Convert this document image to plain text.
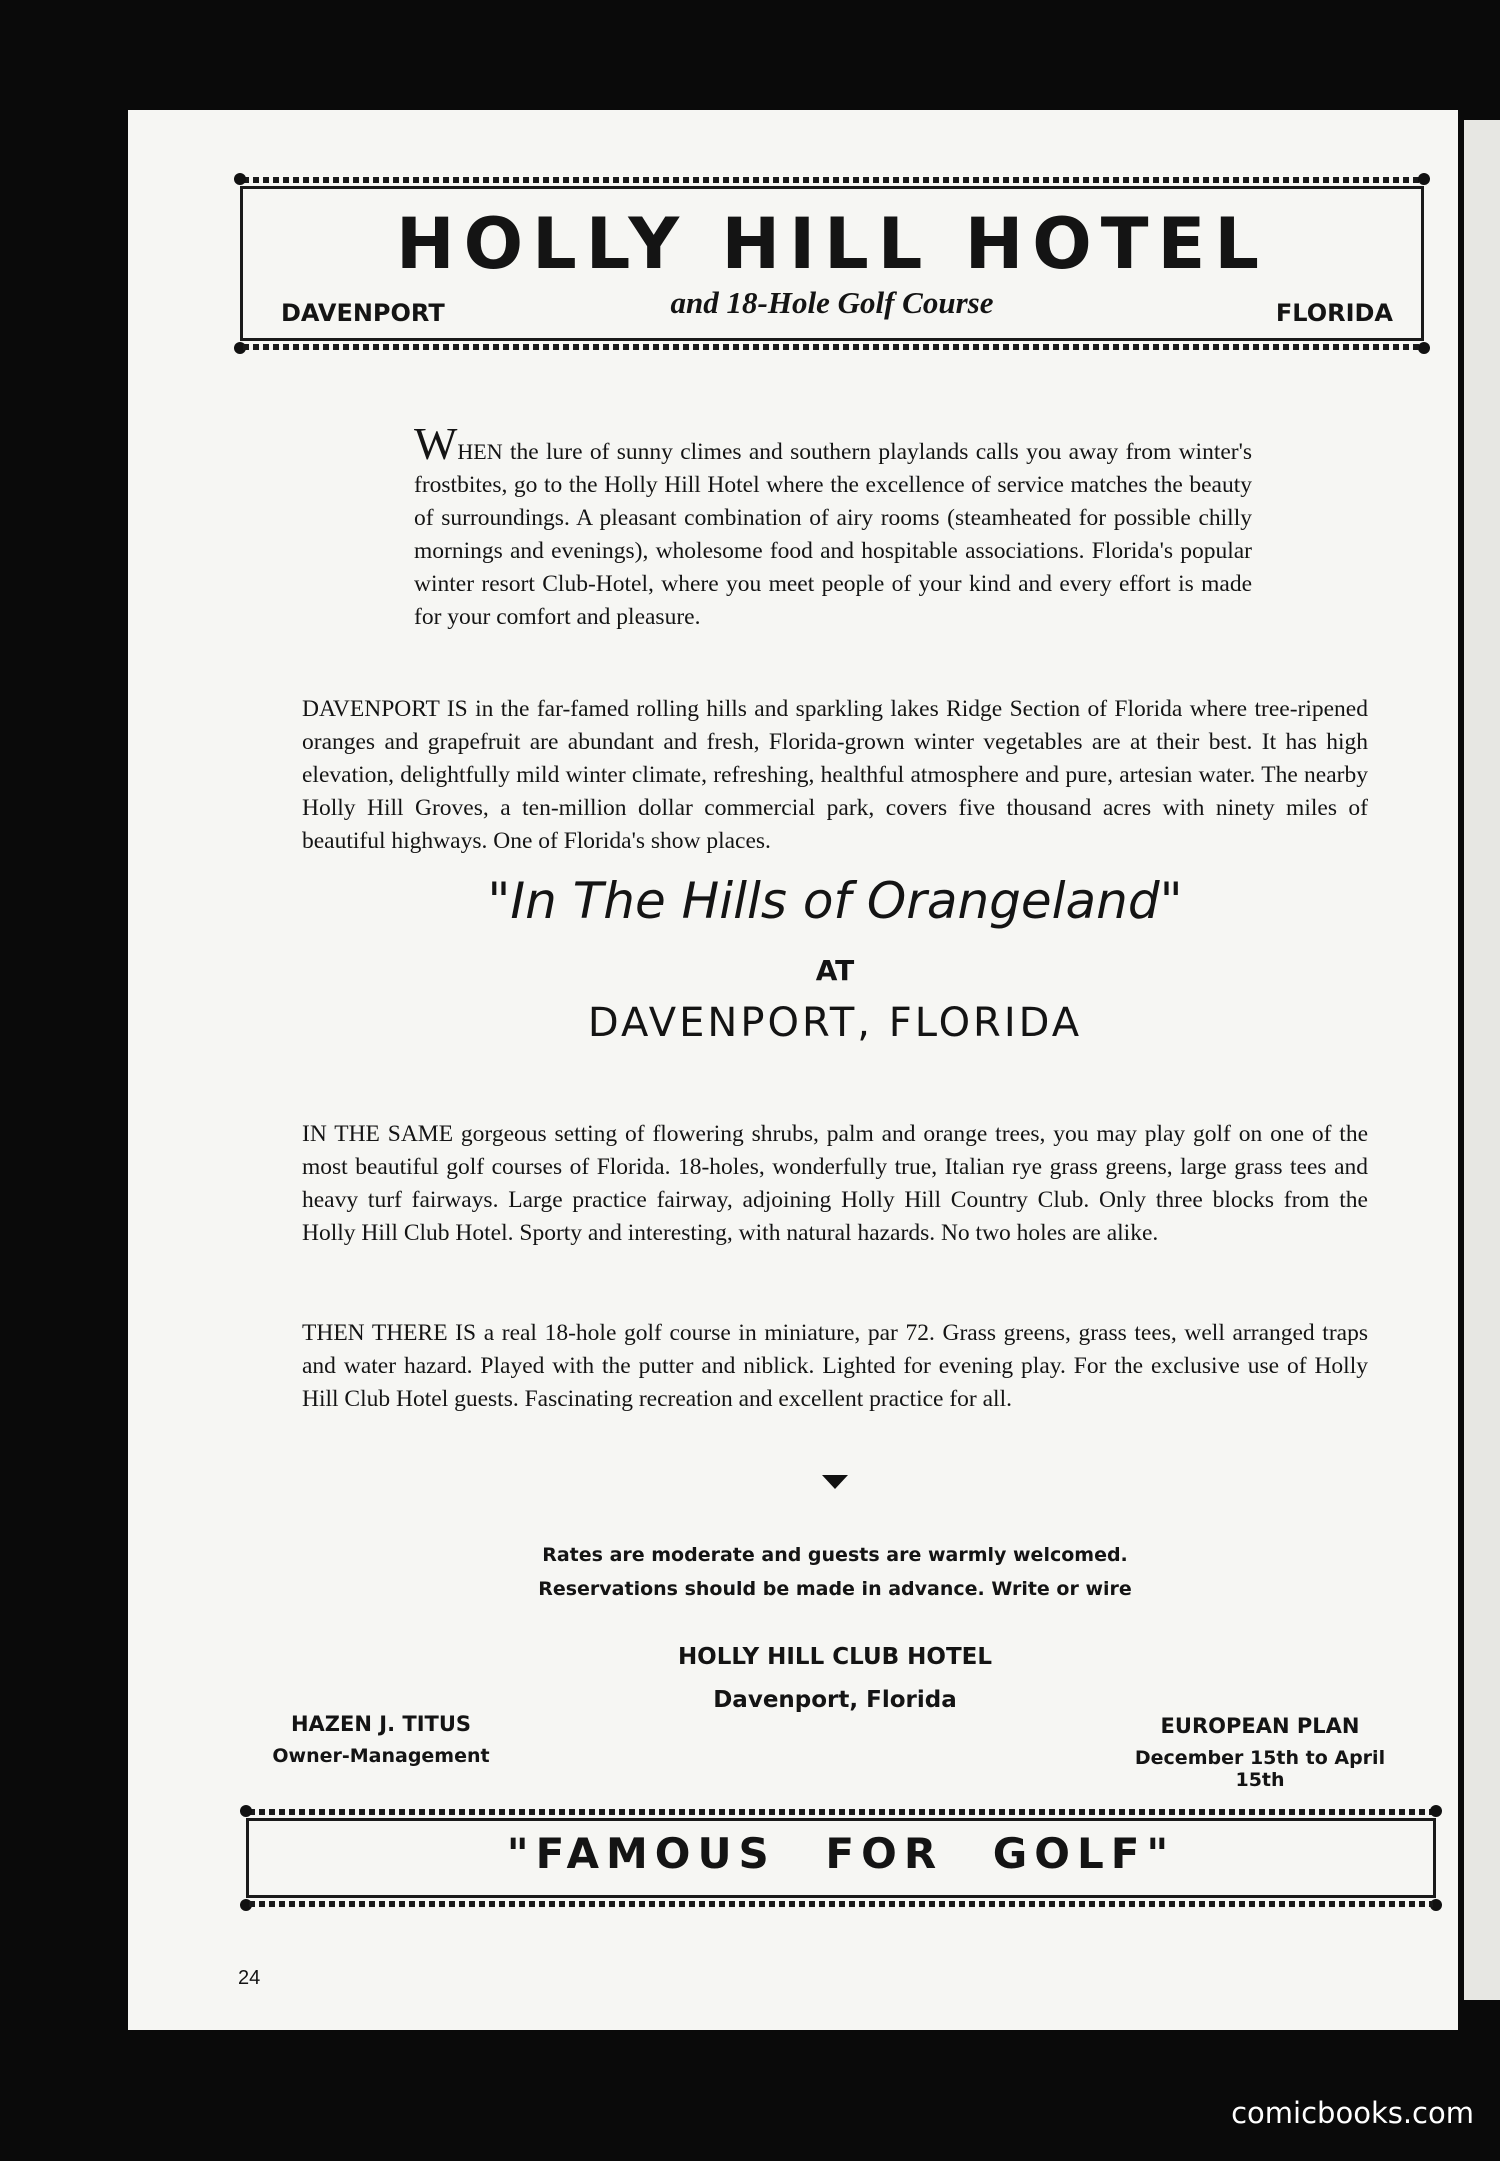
HOLLY HILL HOTEL
DAVENPORT	and 18-Hole Golf Course	FLORIDA
WHEN the lure of sunny climes and southern playlands calls you away from winter's frostbites, go to the Holly Hill Hotel where the excellence of service matches the beauty of surroundings. A pleasant combination of airy rooms (steamheated for possible chilly mornings and evenings), wholesome food and hospitable associations. Florida's popular winter resort Club-Hotel, where you meet people of your kind and every effort is made for your comfort and pleasure.
DAVENPORT IS in the far-famed rolling hills and sparkling lakes Ridge Section of Florida where tree-ripened oranges and grapefruit are abundant and fresh, Florida-grown winter vegetables are at their best. It has high elevation, delightfully mild winter climate, refreshing, healthful atmosphere and pure, artesian water. The nearby Holly Hill Groves, a ten-million dollar commercial park, covers five thousand acres with ninety miles of beautiful highways. One of Florida's show places.
"In The Hills of Orangeland"
AT
DAVENPORT, FLORIDA
IN THE SAME gorgeous setting of flowering shrubs, palm and orange trees, you may play golf on one of the most beautiful golf courses of Florida. 18-holes, wonderfully true, Italian rye grass greens, large grass tees and heavy turf fairways. Large practice fairway, adjoining Holly Hill Country Club. Only three blocks from the Holly Hill Club Hotel. Sporty and interesting, with natural hazards. No two holes are alike.
THEN THERE IS a real 18-hole golf course in miniature, par 72. Grass greens, grass tees, well arranged traps and water hazard. Played with the putter and niblick. Lighted for evening play. For the exclusive use of Holly Hill Club Hotel guests. Fascinating recreation and excellent practice for all.
Rates are moderate and guests are warmly welcomed.
Reservations should be made in advance. Write or wire
HOLLY HILL CLUB HOTEL
Davenport, Florida
HAZEN J. TITUS
Owner-Management
EUROPEAN PLAN
December 15th to April 15th
"FAMOUS FOR GOLF"
24
comicbooks.com
